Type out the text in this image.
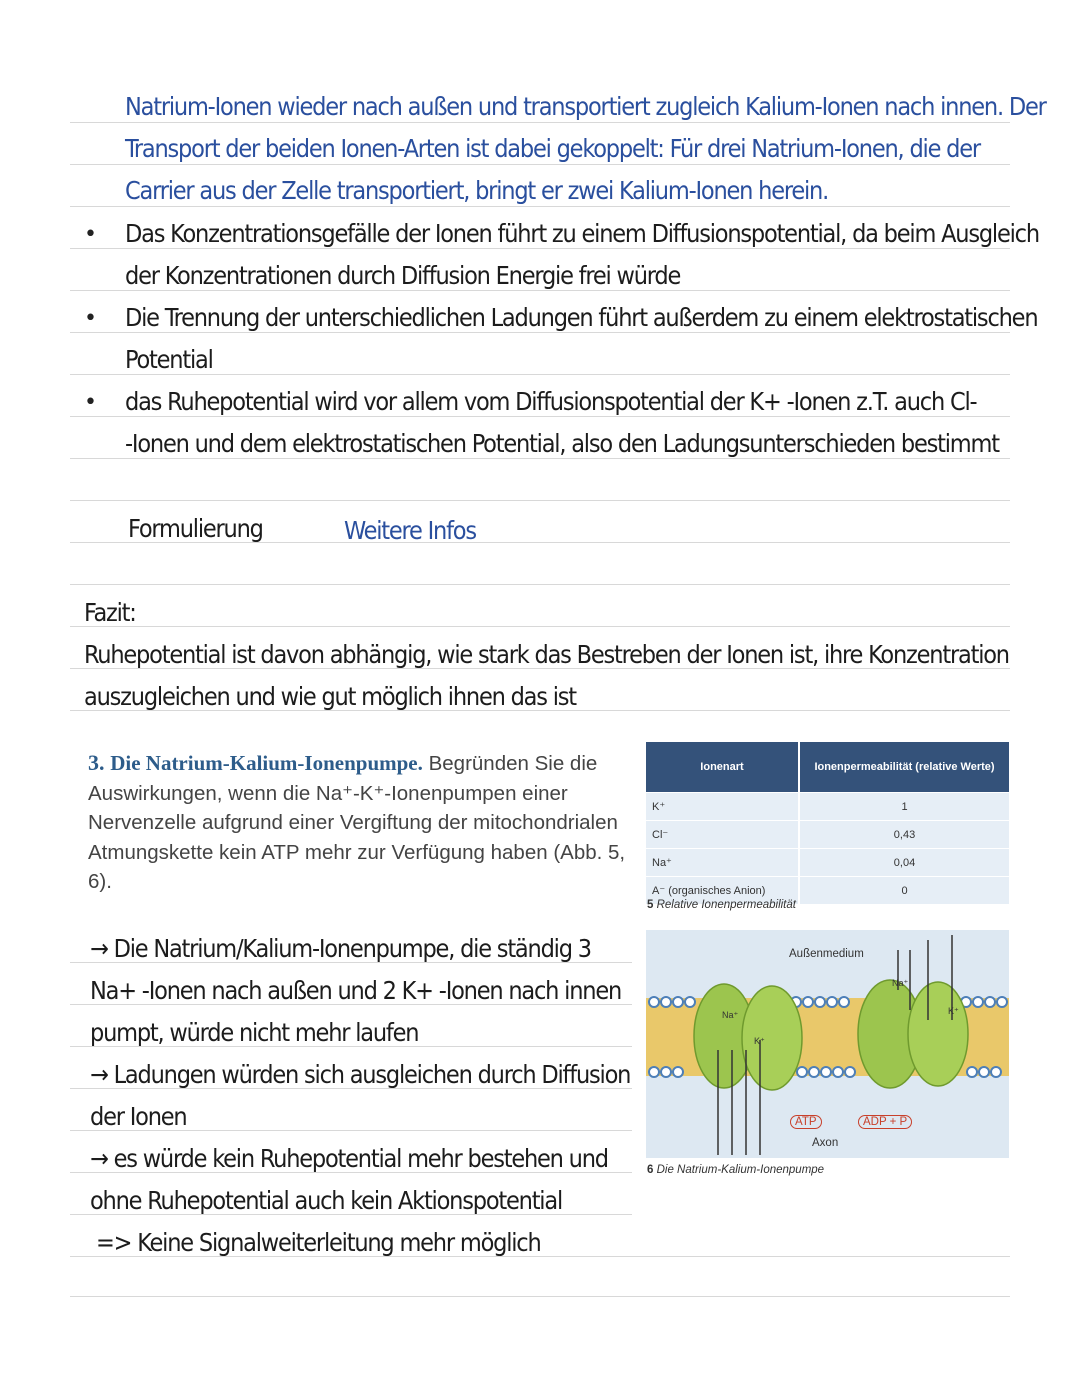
Natrium-Ionen wieder nach außen und transportiert zugleich Kalium-Ionen nach innen. Der
Transport der beiden Ionen-Arten ist dabei gekoppelt: Für drei Natrium-Ionen, die der
Carrier aus der Zelle transportiert, bringt er zwei Kalium-Ionen herein.
• Das Konzentrationsgefälle der Ionen führt zu einem Diffusionspotential, da beim Ausgleich
der Konzentrationen durch Diffusion Energie frei würde
• Die Trennung der unterschiedlichen Ladungen führt außerdem zu einem elektrostatischen
Potential
• das Ruhepotential wird vor allem vom Diffusionspotential der K+ -Ionen z.T. auch Cl-
-Ionen und dem elektrostatischen Potential, also den Ladungsunterschieden bestimmt
Formulierung	Weitere Infos
Fazit:
Ruhepotential ist davon abhängig, wie stark das Bestreben der Ionen ist, ihre Konzentration
auszugleichen und wie gut möglich ihnen das ist
3. Die Natrium-Kalium-Ionenpumpe. Begründen Sie die Auswirkungen, wenn die Na⁺-K⁺-Ionenpumpen einer Nervenzelle aufgrund einer Vergiftung der mitochondrialen Atmungskette kein ATP mehr zur Verfügung haben (Abb. 5, 6).
Ionenart	Ionenpermeabilität (relative Werte)
K⁺	1
Cl⁻	0,43
Na⁺	0,04
A⁻ (organisches Anion)	0
5 Relative Ionenpermeabilität
Außenmedium
Axon
ATP	ADP + P
Na⁺
Na⁺
K⁺
K⁺
6 Die Natrium-Kalium-Ionenpumpe
→ Die Natrium/Kalium-Ionenpumpe, die ständig 3
Na+ -Ionen nach außen und 2 K+ -Ionen nach innen
pumpt, würde nicht mehr laufen
→ Ladungen würden sich ausgleichen durch Diffusion
der Ionen
→ es würde kein Ruhepotential mehr bestehen und
ohne Ruhepotential auch kein Aktionspotential
=> Keine Signalweiterleitung mehr möglich
